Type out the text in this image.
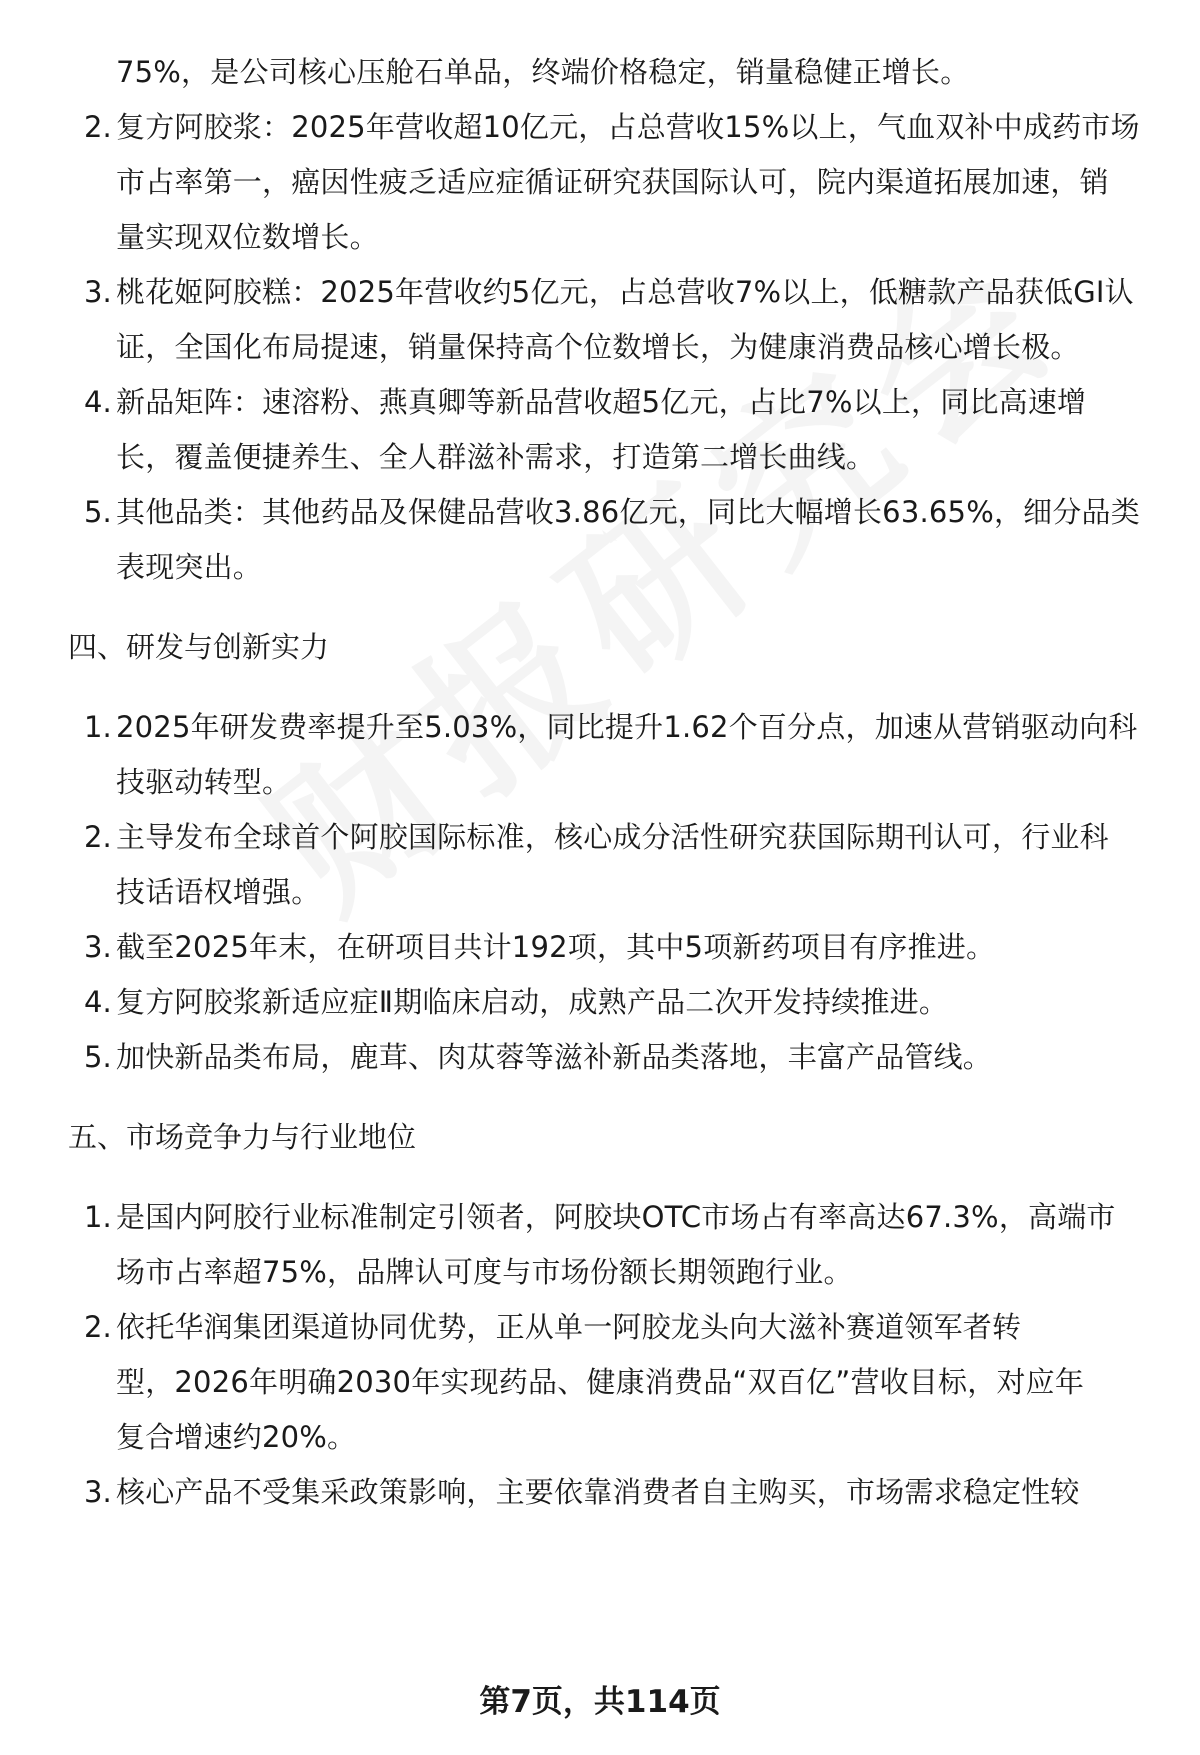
75%，是公司核心压舱石单品，终端价格稳定，销量稳健正增长。
2. 复方阿胶浆：2025年营收超10亿元，占总营收15%以上，气血双补中成药市场
市占率第一，癌因性疲乏适应症循证研究获国际认可，院内渠道拓展加速，销
量实现双位数增长。
3. 桃花姬阿胶糕：2025年营收约5亿元，占总营收7%以上，低糖款产品获低GI认
证，全国化布局提速，销量保持高个位数增长，为健康消费品核心增长极。
4. 新品矩阵：速溶粉、燕真卿等新品营收超5亿元，占比7%以上，同比高速增
长，覆盖便捷养生、全人群滋补需求，打造第二增长曲线。
5. 其他品类：其他药品及保健品营收3.86亿元，同比大幅增长63.65%，细分品类
表现突出。
四、研发与创新实力
1. 2025年研发费率提升至5.03%，同比提升1.62个百分点，加速从营销驱动向科
技驱动转型。
2. 主导发布全球首个阿胶国际标准，核心成分活性研究获国际期刊认可，行业科
技话语权增强。
3. 截至2025年末，在研项目共计192项，其中5项新药项目有序推进。
4. 复方阿胶浆新适应症Ⅱ期临床启动，成熟产品二次开发持续推进。
5. 加快新品类布局，鹿茸、肉苁蓉等滋补新品类落地，丰富产品管线。
五、市场竞争力与行业地位
1. 是国内阿胶行业标准制定引领者，阿胶块OTC市场占有率高达67.3%，高端市
场市占率超75%，品牌认可度与市场份额长期领跑行业。
2. 依托华润集团渠道协同优势，正从单一阿胶龙头向大滋补赛道领军者转
型，2026年明确2030年实现药品、健康消费品“双百亿”营收目标，对应年
复合增速约20%。
3. 核心产品不受集采政策影响，主要依靠消费者自主购买，市场需求稳定性较
第7页，共114页
